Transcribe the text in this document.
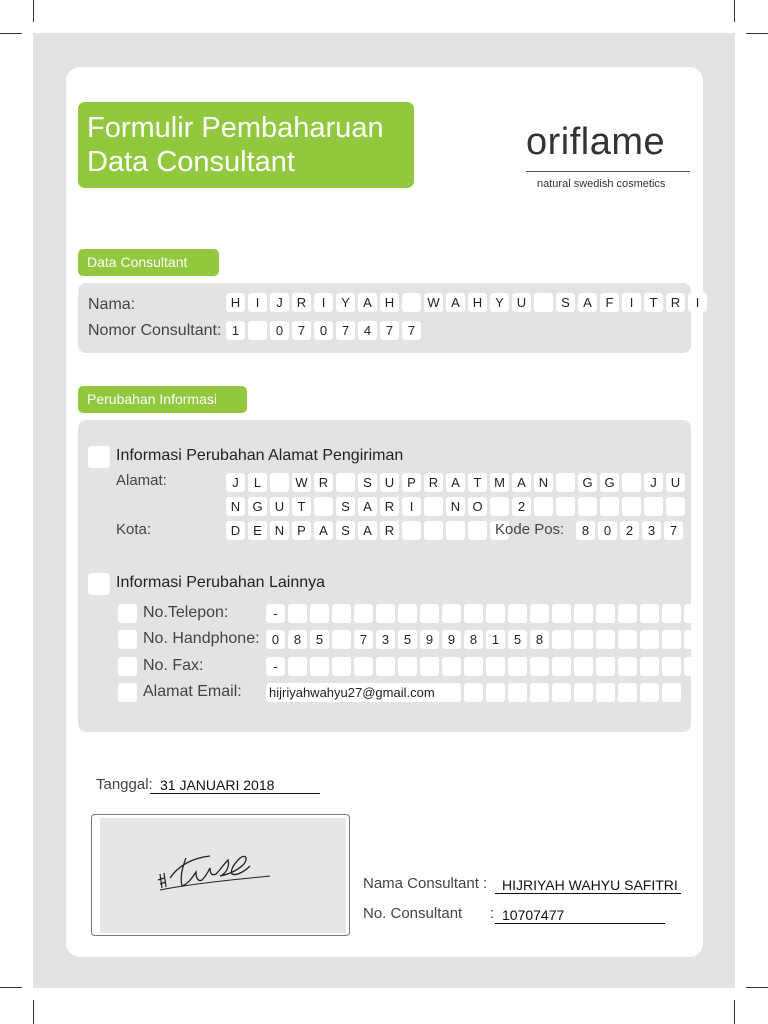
Formulir Pembaharuan
Data Consultant	oriflame
natural swedish cosmetics
Data Consultant
Nama:	H	I	J	R	I	Y	A H	W A H Y U	S	A	F	I	T	R	I
Nomor Consultant: 1	0	7	0	7	4	7	7
Perubahan Informasi
Informasi Perubahan Alamat Pengiriman
Alamat:	J	L	W R	S U P R A	T M A N	G G	J	U
N G U	T	S	A R	I	N O	2
Kota:	D E N P	A	S	A R	Kode Pos:	8	0	2	3	7
Informasi Perubahan Lainnya
No.Telepon:	-
No. Handphone: 0	8	5	7	3	5	9	9	8	1	5	8
No. Fax:	-
Alamat Email: hijriyahwahyu27@gmail.com
Tanggal: 31 JANUARI 2018
Nama Consultant :	HIJRIYAH WAHYU SAFITRI
No. Consultant : 10707477
